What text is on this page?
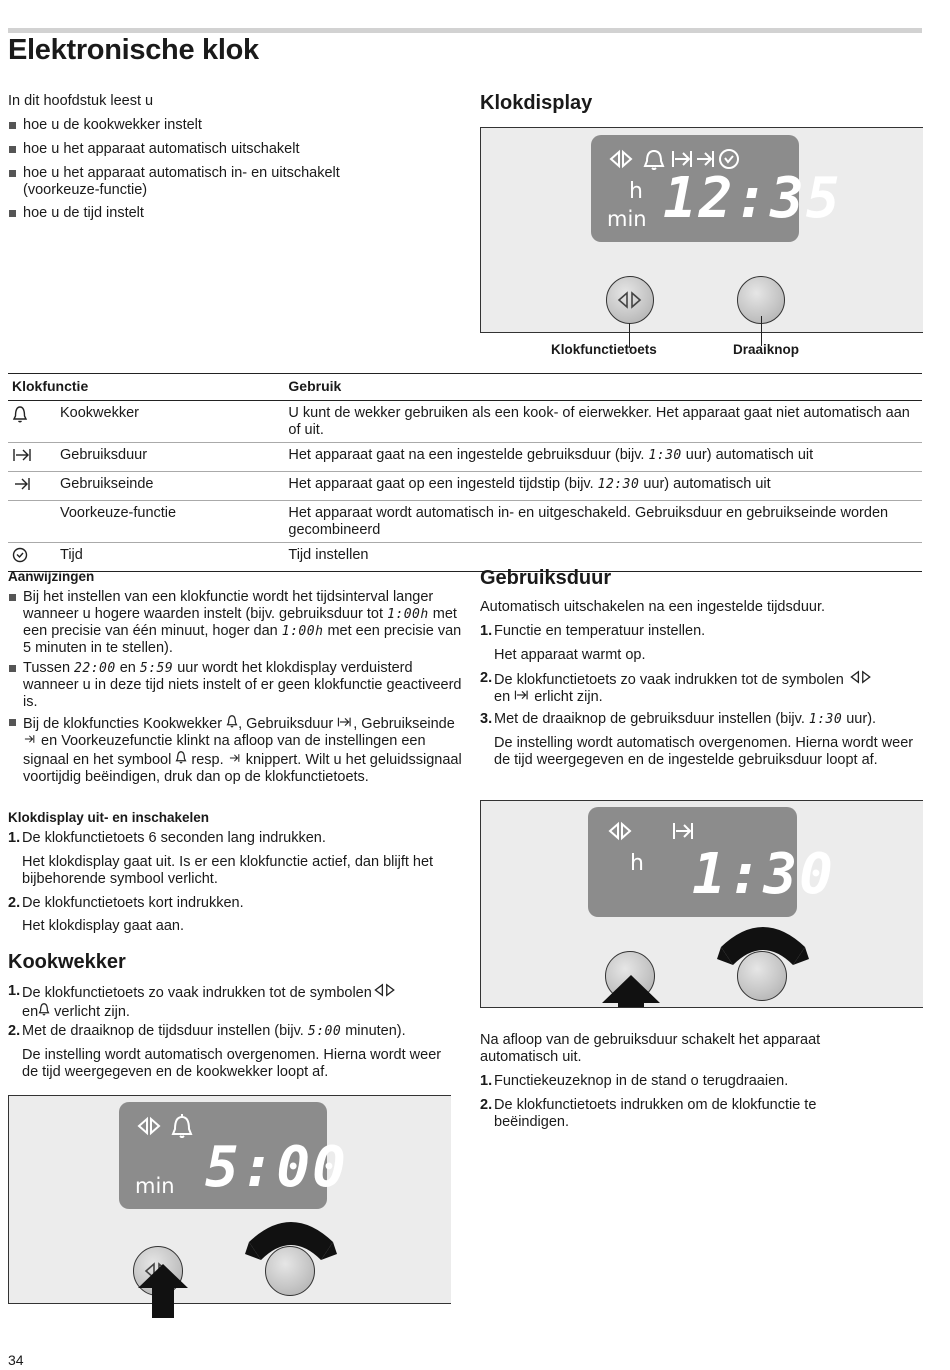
Elektronische klok
In dit hoofdstuk leest u
hoe u de kookwekker instelt
hoe u het apparaat automatisch uitschakelt
hoe u het apparaat automatisch in- en uitschakelt (voorkeuze-functie)
hoe u de tijd instelt
Klokdisplay
h
min 12:35
Klokfunctietoets	Draaiknop
Klokfunctie		Gebruik
	Kookwekker	U kunt de wekker gebruiken als een kook- of eierwekker. Het apparaat gaat niet automatisch aan of uit.
	Gebruiksduur	Het apparaat gaat na een ingestelde gebruiksduur (bijv. 1:30 uur) automatisch uit
	Gebruikseinde	Het apparaat gaat op een ingesteld tijdstip (bijv. 12:30 uur) automatisch uit
	Voorkeuze-functie	Het apparaat wordt automatisch in- en uitgeschakeld. Gebruiksduur en gebruikseinde worden gecombineerd
	Tijd	Tijd instellen
Aanwijzingen
Bij het instellen van een klokfunctie wordt het tijdsinterval langer wanneer u hogere waarden instelt (bijv. gebruiksduur tot 1:00h met een precisie van één minuut, hoger dan 1:00h met een precisie van 5 minuten in te stellen).
Tussen 22:00 en 5:59 uur wordt het klokdisplay verduisterd wanneer u in deze tijd niets instelt of er geen klokfunctie geactiveerd is.
Bij de klokfuncties Kookwekker , Gebruiksduur , Gebruikseinde  en Voorkeuzefunctie klinkt na afloop van de instellingen een signaal en het symbool resp. knippert. Wilt u het geluidssignaal voortijdig beëindigen, druk dan op de klokfunctietoets.
Klokdisplay uit- en inschakelen
1. De klokfunctietoets 6 seconden lang indrukken.
Het klokdisplay gaat uit. Is er een klokfunctie actief, dan blijft het bijbehorende symbool verlicht.
2. De klokfunctietoets kort indrukken.
Het klokdisplay gaat aan.
Kookwekker
1. De klokfunctietoets zo vaak indrukken tot de symbolen
en verlicht zijn.
2. Met de draaiknop de tijdsduur instellen (bijv. 5:00 minuten).
De instelling wordt automatisch overgenomen. Hierna wordt weer de tijd weergegeven en de kookwekker loopt af.
min 5:00
Gebruiksduur
Automatisch uitschakelen na een ingestelde tijdsduur.
1. Functie en temperatuur instellen.
Het apparaat warmt op.
2. De klokfunctietoets zo vaak indrukken tot de symbolen
en erlicht zijn.
3. Met de draaiknop de gebruiksduur instellen (bijv. 1:30 uur).
De instelling wordt automatisch overgenomen. Hierna wordt weer de tijd weergegeven en de ingestelde gebruiksduur loopt af.
h 1:30
Na afloop van de gebruiksduur schakelt het apparaat automatisch uit.
1. Functiekeuzeknop in de stand o terugdraaien.
2. De klokfunctietoets indrukken om de klokfunctie te beëindigen.
34
